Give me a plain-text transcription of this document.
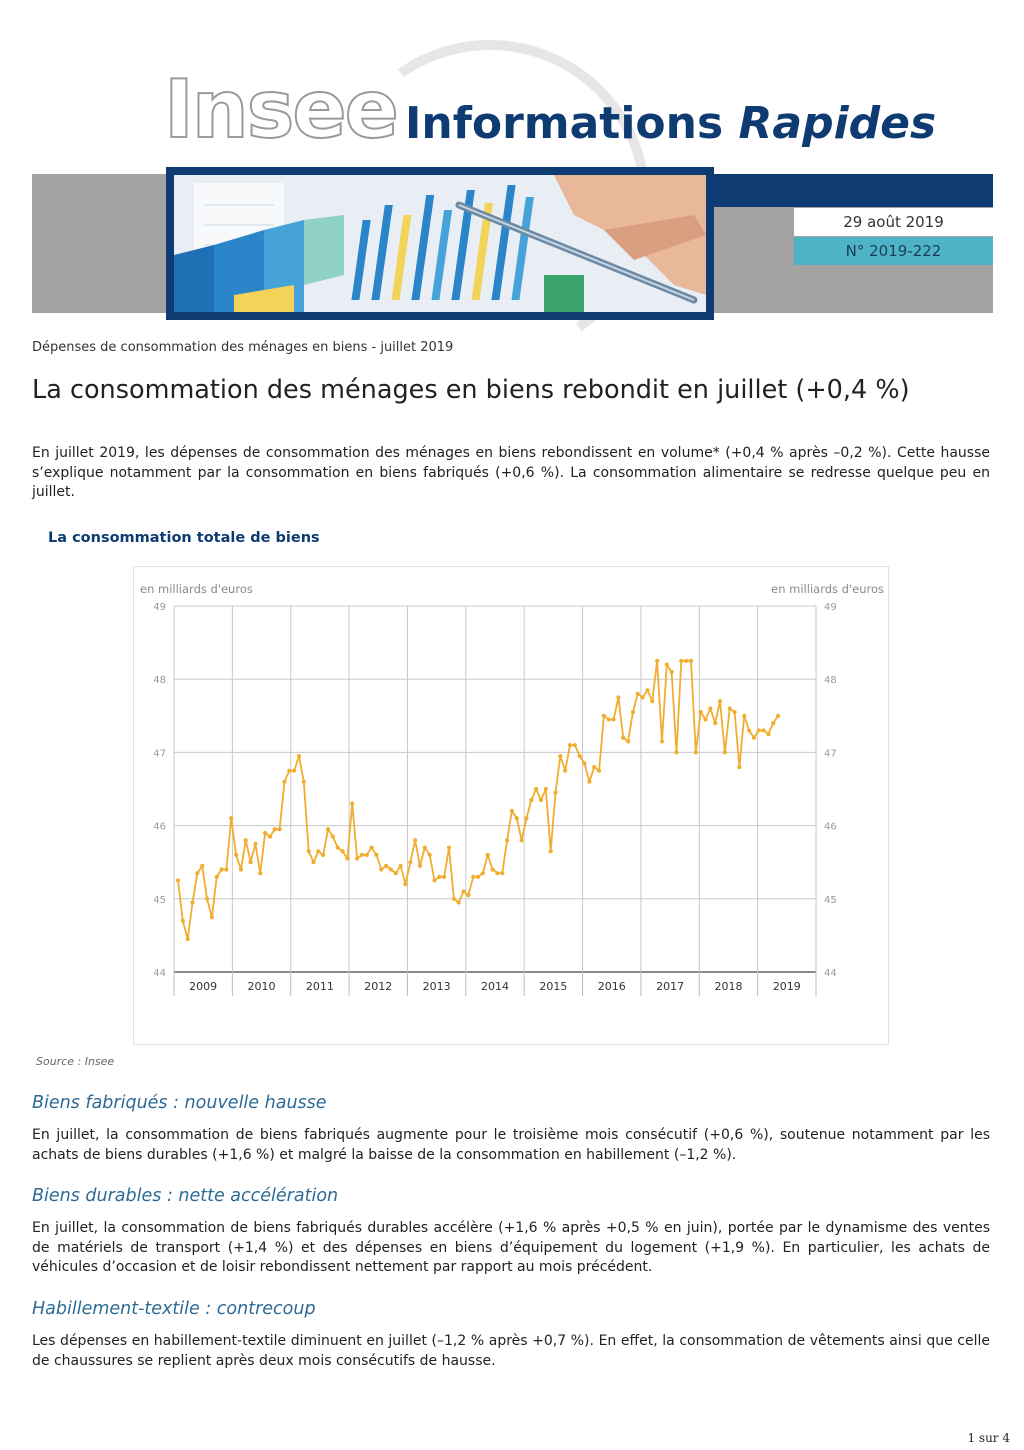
Insee Informations Rapides
29 août 2019
N° 2019-222
Dépenses de consommation des ménages en biens - juillet 2019
La consommation des ménages en biens rebondit en juillet (+0,4 %)

En juillet 2019, les dépenses de consommation des ménages en biens rebondissent en volume* (+0,4 % après –0,2 %). Cette hausse s’explique notamment par la consommation en biens fabriqués (+0,6 %). La consommation alimentaire se redresse quelque peu en juillet.

La consommation totale de biens
en milliards d'euros	en milliards d'euros
44	44
45	45
46	46
47	47
48	48
49	49
2009	2010	2011	2012	2013	2014	2015	2016	2017	2018	2019
Source : Insee
Biens fabriqués : nouvelle hausse

En juillet, la consommation de biens fabriqués augmente pour le troisième mois consécutif (+0,6 %), soutenue notamment par les achats de biens durables (+1,6 %) et malgré la baisse de la consommation en habillement (–1,2 %).

Biens durables : nette accélération

En juillet, la consommation de biens fabriqués durables accélère (+1,6 % après +0,5 % en juin), portée par le dynamisme des ventes de matériels de transport (+1,4 %) et des dépenses en biens d’équipement du logement (+1,9 %). En particulier, les achats de véhicules d’occasion et de loisir rebondissent nettement par rapport au mois précédent.

Habillement-textile : contrecoup

Les dépenses en habillement-textile diminuent en juillet (–1,2 % après +0,7 %). En effet, la consommation de vêtements ainsi que celle de chaussures se replient après deux mois consécutifs de hausse.

1 sur 4
